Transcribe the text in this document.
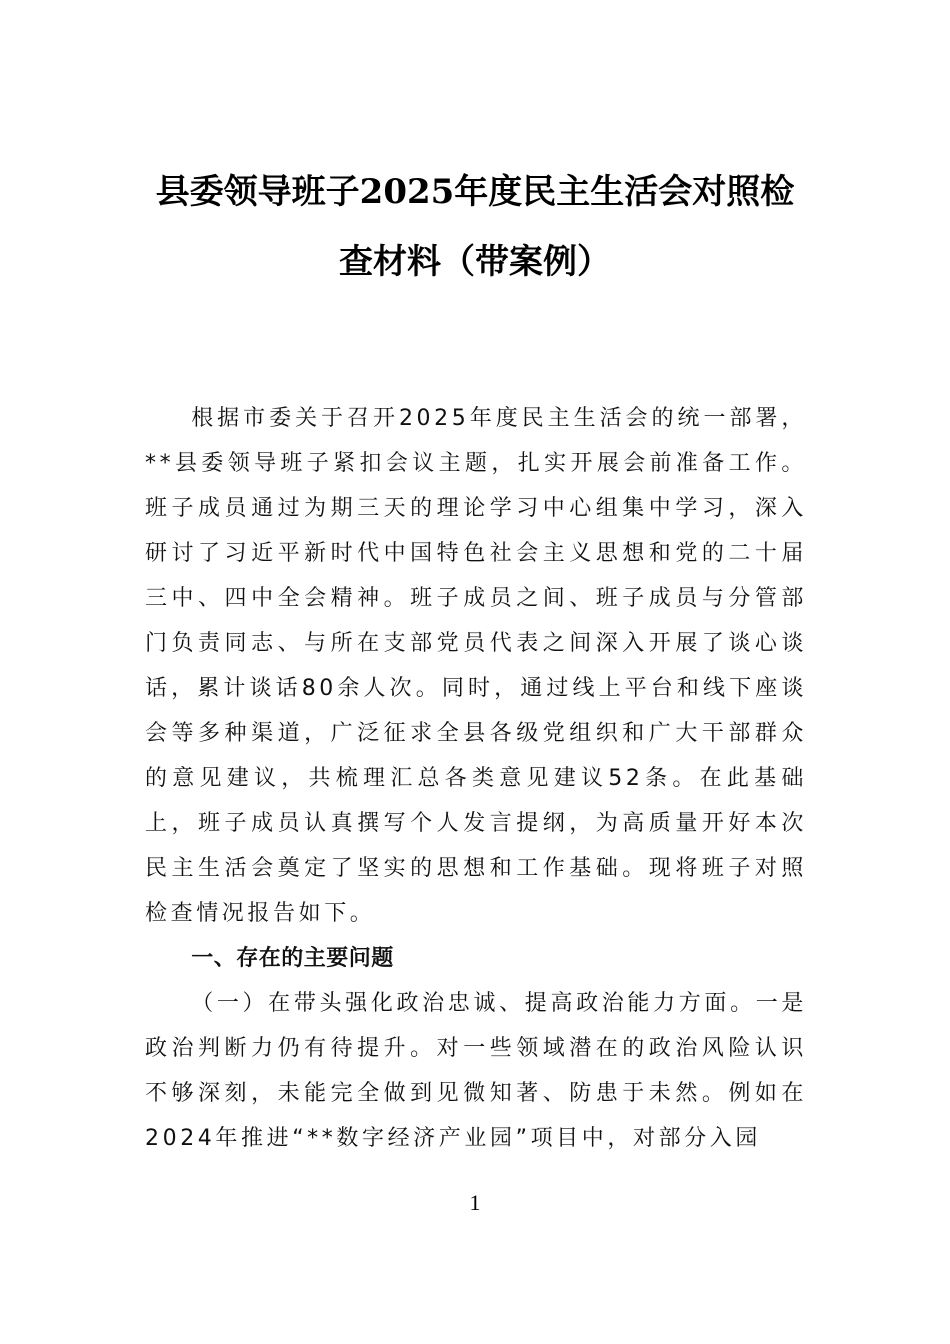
县委领导班子2025年度民主生活会对照检
查材料（带案例）

根据市委关于召开2025年度民主生活会的统一部署，**县委领导班子紧扣会议主题，扎实开展会前准备工作。班子成员通过为期三天的理论学习中心组集中学习，深入研讨了习近平新时代中国特色社会主义思想和党的二十届三中、四中全会精神。班子成员之间、班子成员与分管部门负责同志、与所在支部党员代表之间深入开展了谈心谈话，累计谈话80余人次。同时，通过线上平台和线下座谈会等多种渠道，广泛征求全县各级党组织和广大干部群众的意见建议，共梳理汇总各类意见建议52条。在此基础上，班子成员认真撰写个人发言提纲，为高质量开好本次民主生活会奠定了坚实的思想和工作基础。现将班子对照检查情况报告如下。

一、存在的主要问题

（一）在带头强化政治忠诚、提高政治能力方面。一是政治判断力仍有待提升。对一些领域潜在的政治风险认识不够深刻，未能完全做到见微知著、防患于未然。例如在2024年推进“**数字经济产业园”项目中，对部分入园

1
